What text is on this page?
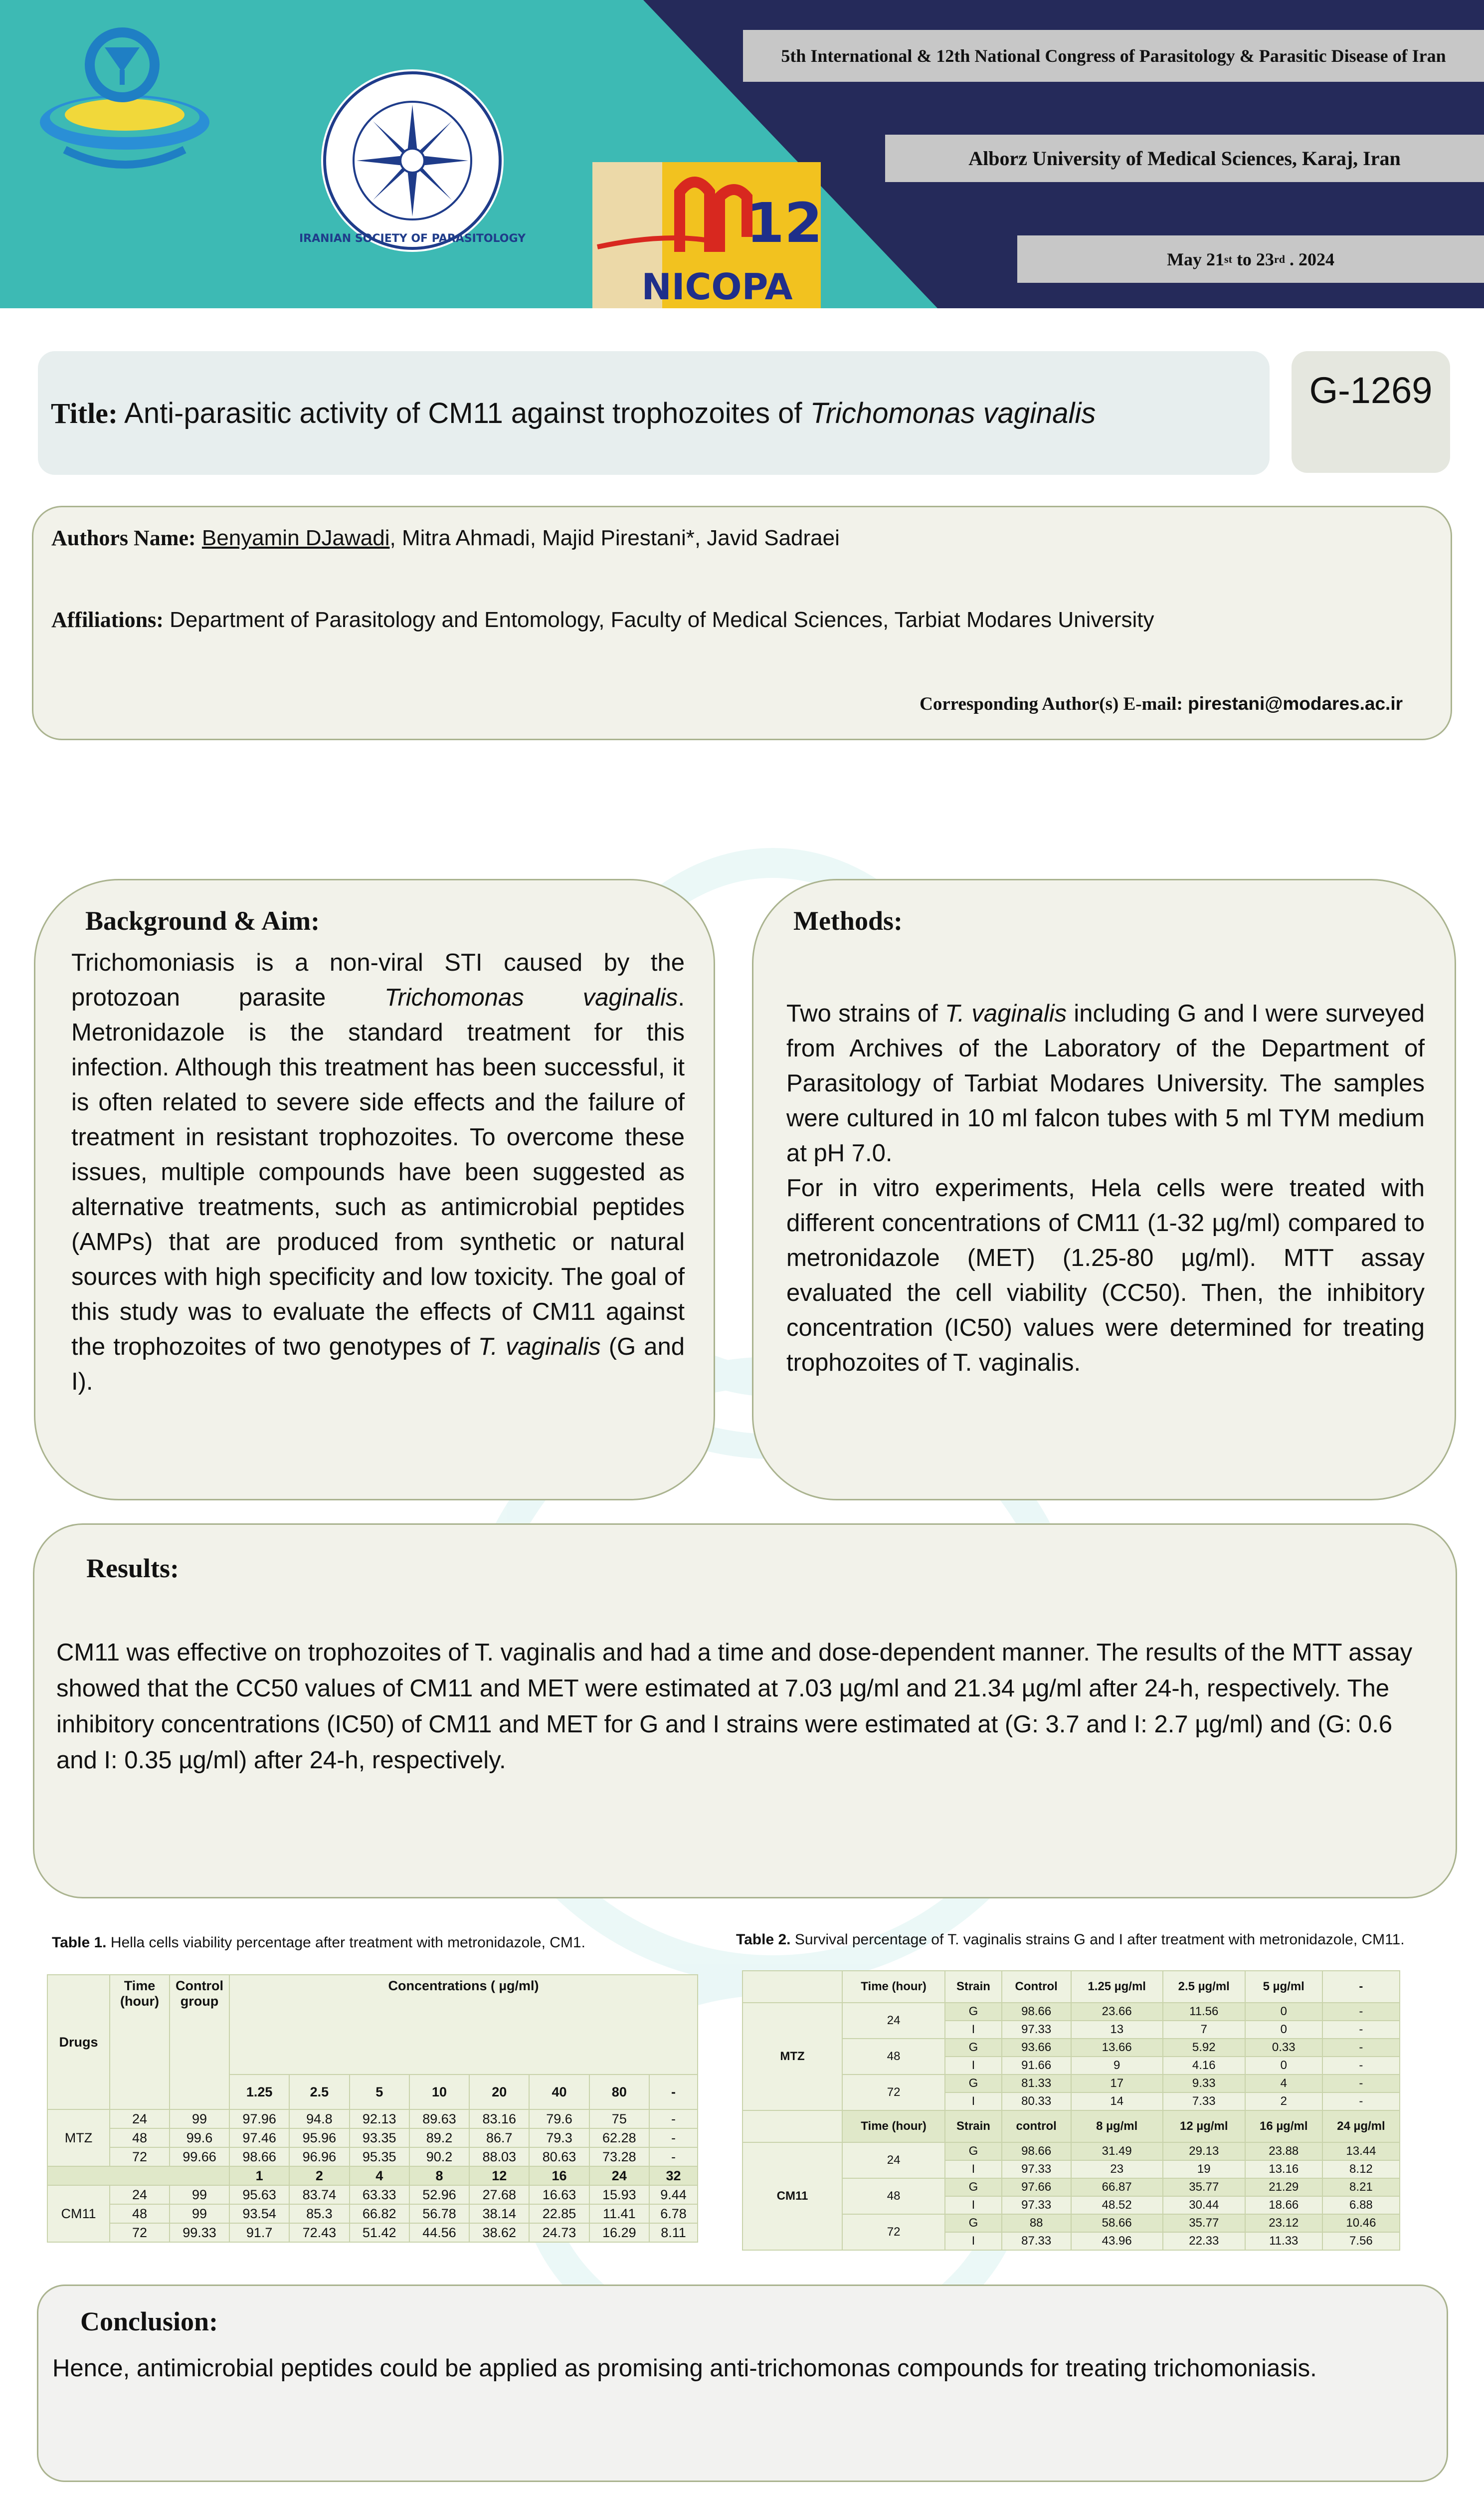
IRANIAN SOCIETY OF PARASITOLOGY	12
NICOPA
5th International & 12th National Congress of Parasitology & Parasitic Disease of Iran
Alborz University of Medical Sciences, Karaj, Iran
May 21 st to 23 rd . 2024
Title: Anti-parasitic activity of CM11 against trophozoites of Trichomonas vaginalis
G-1269
Authors Name: Benyamin DJawadi, Mitra Ahmadi, Majid Pirestani*, Javid Sadraei
Affiliations: Department of Parasitology and Entomology, Faculty of Medical Sciences, Tarbiat Modares University
Corresponding Author(s) E-mail: pirestani@modares.ac.ir
Background & Aim:
Trichomoniasis is a non-viral STI caused by the protozoan parasite Trichomonas vaginalis. Metronidazole is the standard treatment for this infection. Although this treatment has been successful, it is often related to severe side effects and the failure of treatment in resistant trophozoites. To overcome these issues, multiple compounds have been suggested as alternative treatments, such as antimicrobial peptides (AMPs) that are produced from synthetic or natural sources with high specificity and low toxicity. The goal of this study was to evaluate the effects of CM11 against the trophozoites of two genotypes of T. vaginalis (G and I).
Methods:
Two strains of T. vaginalis including G and I were surveyed from Archives of the Laboratory of the Department of Parasitology of Tarbiat Modares University. The samples were cultured in 10 ml falcon tubes with 5 ml TYM medium at pH 7.0.
For in vitro experiments, Hela cells were treated with different concentrations of CM11 (1-32 µg/ml) compared to metronidazole (MET) (1.25-80 µg/ml). MTT assay evaluated the cell viability (CC50). Then, the inhibitory concentration (IC50) values were determined for treating trophozoites of T. vaginalis.
Results:
CM11 was effective on trophozoites of T. vaginalis and had a time and dose-dependent manner. The results of the MTT assay showed that the CC50 values of CM11 and MET were estimated at 7.03 µg/ml and 21.34 µg/ml after 24-h, respectively. The inhibitory concentrations (IC50) of CM11 and MET for G and I strains were estimated at (G: 3.7 and I: 2.7 µg/ml) and (G: 0.6 and I: 0.35 µg/ml) after 24-h, respectively.
Table 1. Hella cells viability percentage after treatment with metronidazole, CM1.
Drugs	Time (hour)	Control group	Concentrations ( µg/ml)							
			1.25	2.5	5	10	20	40	80	-
MTZ	24	99	97.96	94.8	92.13	89.63	83.16	79.6	75	-
	48	99.6	97.46	95.96	93.35	89.2	86.7	79.3	62.28	-
	72	99.66	98.66	96.96	95.35	90.2	88.03	80.63	73.28	-
			1	2	4	8	12	16	24	32
CM11	24	99	95.63	83.74	63.33	52.96	27.68	16.63	15.93	9.44
	48	99	93.54	85.3	66.82	56.78	38.14	22.85	11.41	6.78
	72	99.33	91.7	72.43	51.42	44.56	38.62	24.73	16.29	8.11
Table 2. Survival percentage of T. vaginalis strains G and I after treatment with metronidazole, CM11.
	Time (hour)	Strain	Control	1.25 µg/ml	2.5 µg/ml	5 µg/ml	-
MTZ	24	G	98.66	23.66	11.56	0	-
		I	97.33	13	7	0	-
	48	G	93.66	13.66	5.92	0.33	-
		I	91.66	9	4.16	0	-
	72	G	81.33	17	9.33	4	-
		I	80.33	14	7.33	2	-
	Time (hour)	Strain	control	8 µg/ml	12 µg/ml	16 µg/ml	24 µg/ml
CM11	24	G	98.66	31.49	29.13	23.88	13.44
		I	97.33	23	19	13.16	8.12
	48	G	97.66	66.87	35.77	21.29	8.21
		I	97.33	48.52	30.44	18.66	6.88
	72	G	88	58.66	35.77	23.12	10.46
		I	87.33	43.96	22.33	11.33	7.56
Conclusion:
Hence, antimicrobial peptides could be applied as promising anti-trichomonas compounds for treating trichomoniasis.
